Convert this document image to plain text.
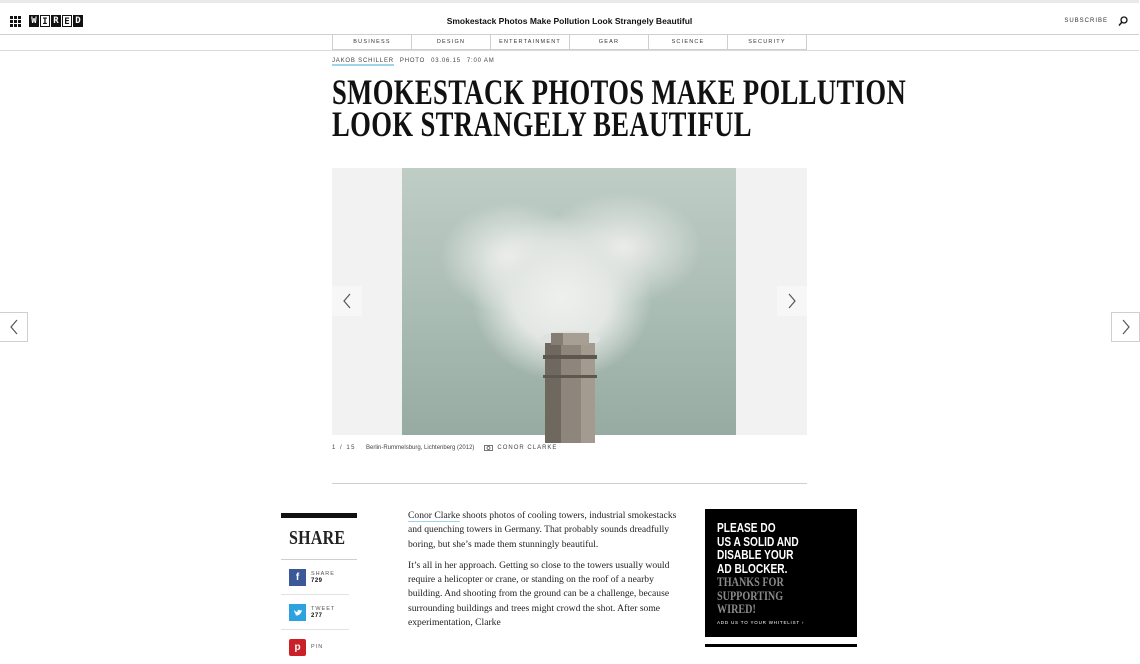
W I R E D	Smokestack Photos Make Pollution Look Strangely Beautiful	SUBSCRIBE
BUSINESS	DESIGN	ENTERTAINMENT	GEAR	SCIENCE	SECURITY
JAKOB SCHILLER PHOTO 03.06.15 7:00 AM
SMOKESTACK PHOTOS MAKE POLLUTION
LOOK STRANGELY BEAUTIFUL
1 / 15 Berlin-Rummelsburg, Lichtenberg (2012)	CONOR CLARKE
SHARE
f	SHARE
729
TWEET
277
p	PIN

Conor Clarke shoots photos of cooling towers, industrial smokestacks and quenching towers in Germany. That probably sounds dreadfully boring, but she’s made them stunningly beautiful.

It’s all in her approach. Getting so close to the towers usually would require a helicopter or crane, or standing on the roof of a nearby building. And shooting from the ground can be a challenge, because surrounding buildings and trees might crowd the shot. After some experimentation, Clarke

PLEASE DO
US A SOLID AND
DISABLE YOUR
AD BLOCKER.
THANKS FOR
SUPPORTING
WIRED!
ADD US TO YOUR WHITELIST ›
